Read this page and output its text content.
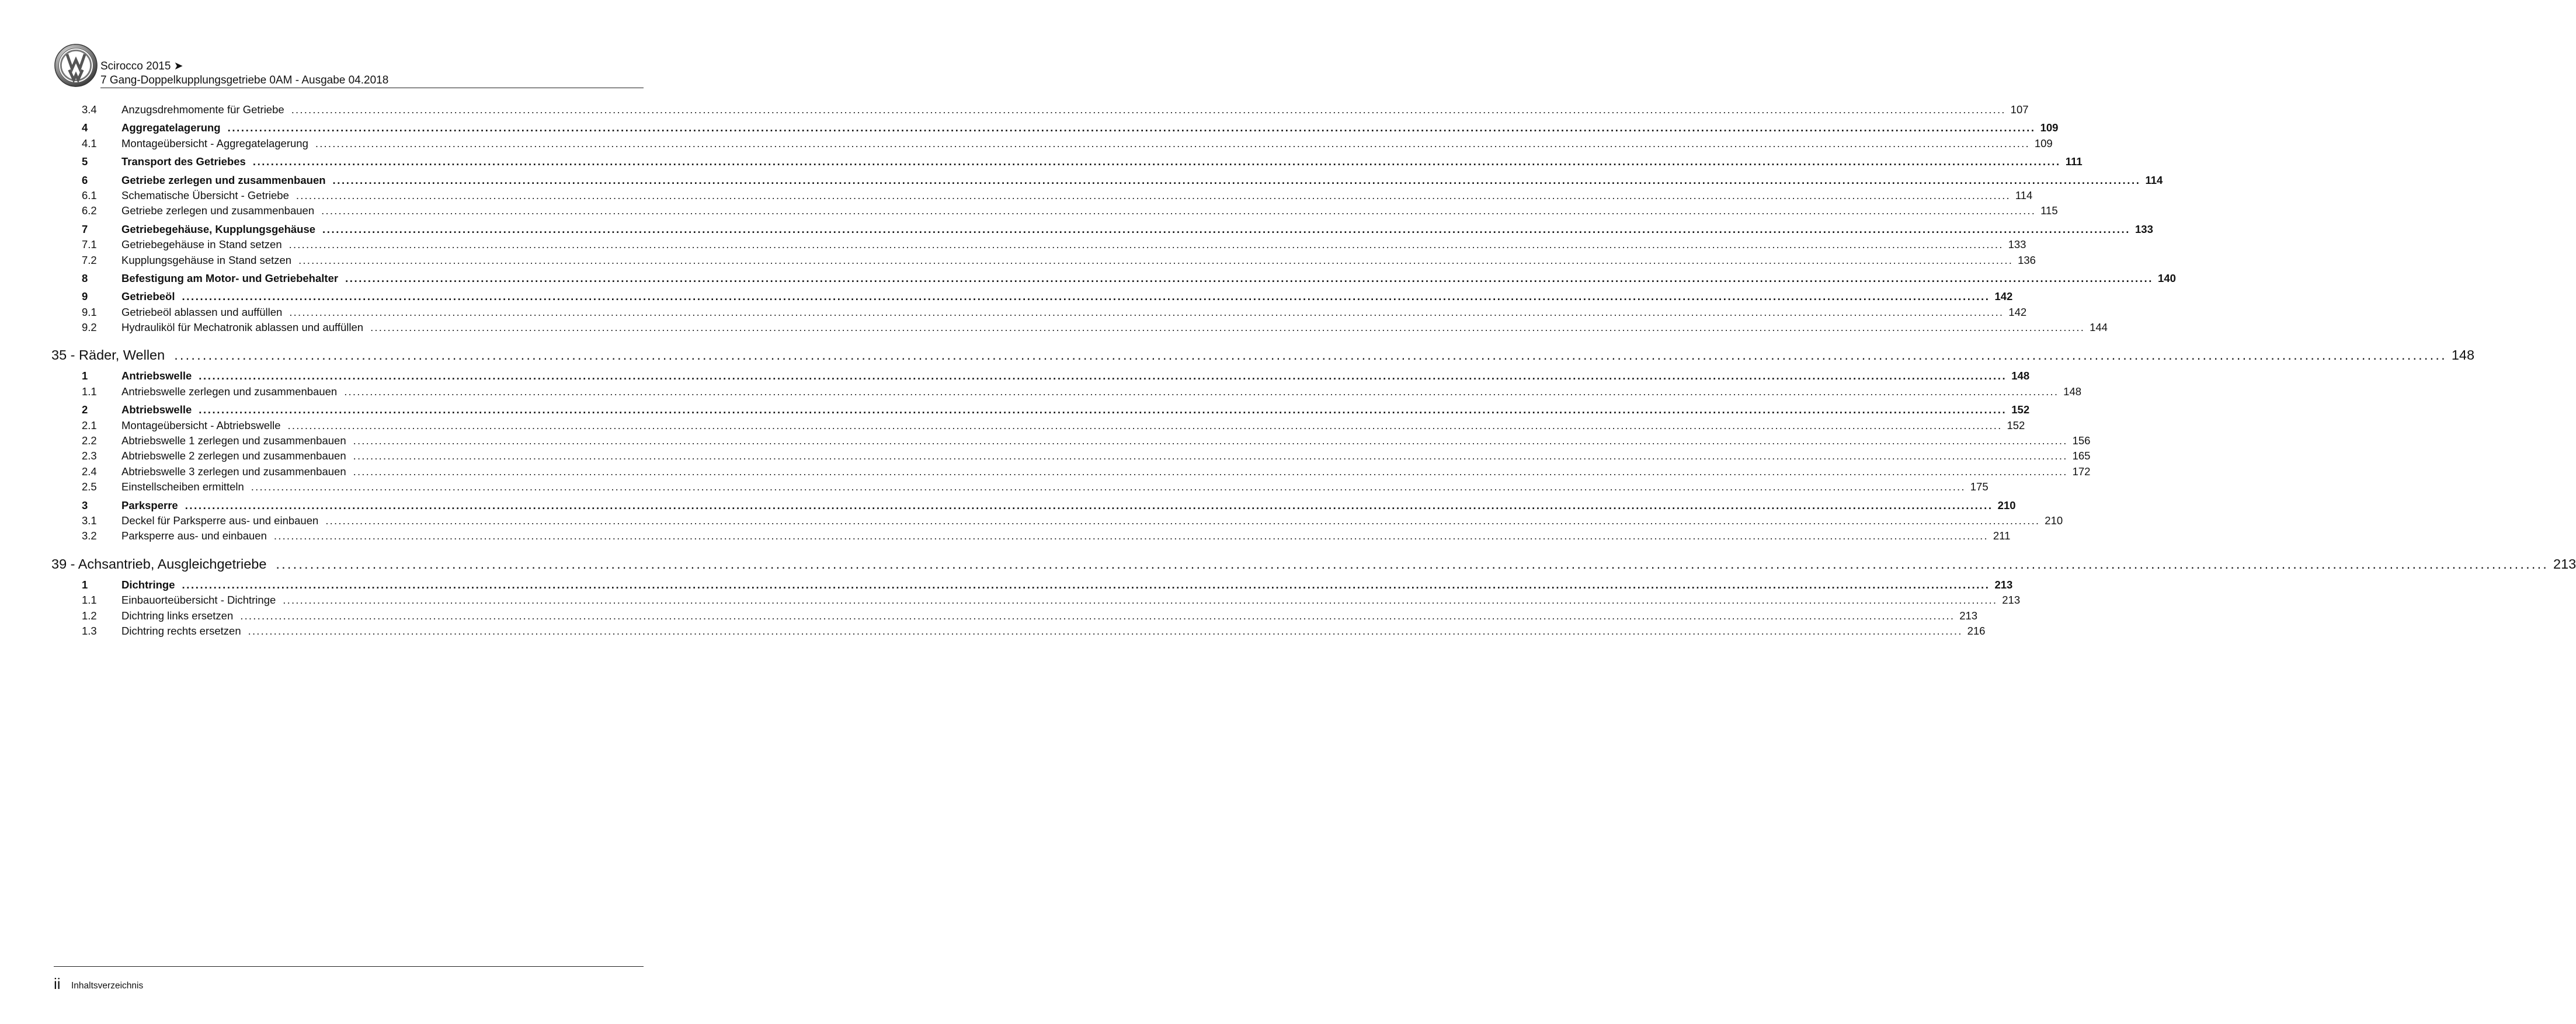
Scirocco 2015 ➤
7 Gang-Doppelkupplungsgetriebe 0AM - Ausgabe 04.2018
3.4	Anzugsdrehmomente für Getriebe ................................................................................................................................................................................................................................................................................................................................................................................................................ 107
4	Aggregatelagerung ................................................................................................................................................................................................................................................................................................................................................................................................................ 109
4.1	Montageübersicht - Aggregatelagerung ................................................................................................................................................................................................................................................................................................................................................................................................................ 109
5	Transport des Getriebes ................................................................................................................................................................................................................................................................................................................................................................................................................ 111
6	Getriebe zerlegen und zusammenbauen ................................................................................................................................................................................................................................................................................................................................................................................................................ 114
6.1	Schematische Übersicht - Getriebe ................................................................................................................................................................................................................................................................................................................................................................................................................ 114
6.2	Getriebe zerlegen und zusammenbauen ................................................................................................................................................................................................................................................................................................................................................................................................................ 115
7	Getriebegehäuse, Kupplungsgehäuse ................................................................................................................................................................................................................................................................................................................................................................................................................ 133
7.1	Getriebegehäuse in Stand setzen ................................................................................................................................................................................................................................................................................................................................................................................................................ 133
7.2	Kupplungsgehäuse in Stand setzen ................................................................................................................................................................................................................................................................................................................................................................................................................ 136
8	Befestigung am Motor- und Getriebehalter ................................................................................................................................................................................................................................................................................................................................................................................................................ 140
9	Getriebeöl ................................................................................................................................................................................................................................................................................................................................................................................................................ 142
9.1	Getriebeöl ablassen und auffüllen ................................................................................................................................................................................................................................................................................................................................................................................................................ 142
9.2	Hydrauliköl für Mechatronik ablassen und auffüllen ................................................................................................................................................................................................................................................................................................................................................................................................................ 144
35 - Räder, Wellen ................................................................................................................................................................................................................................................................................................................................................................................................................ 148
1	Antriebswelle ................................................................................................................................................................................................................................................................................................................................................................................................................ 148
1.1	Antriebswelle zerlegen und zusammenbauen ................................................................................................................................................................................................................................................................................................................................................................................................................ 148
2	Abtriebswelle ................................................................................................................................................................................................................................................................................................................................................................................................................ 152
2.1	Montageübersicht - Abtriebswelle ................................................................................................................................................................................................................................................................................................................................................................................................................ 152
2.2	Abtriebswelle 1 zerlegen und zusammenbauen ................................................................................................................................................................................................................................................................................................................................................................................................................ 156
2.3	Abtriebswelle 2 zerlegen und zusammenbauen ................................................................................................................................................................................................................................................................................................................................................................................................................ 165
2.4	Abtriebswelle 3 zerlegen und zusammenbauen ................................................................................................................................................................................................................................................................................................................................................................................................................ 172
2.5	Einstellscheiben ermitteln ................................................................................................................................................................................................................................................................................................................................................................................................................ 175
3	Parksperre ................................................................................................................................................................................................................................................................................................................................................................................................................ 210
3.1	Deckel für Parksperre aus- und einbauen ................................................................................................................................................................................................................................................................................................................................................................................................................ 210
3.2	Parksperre aus- und einbauen ................................................................................................................................................................................................................................................................................................................................................................................................................ 211
39 - Achsantrieb, Ausgleichgetriebe ................................................................................................................................................................................................................................................................................................................................................................................................................ 213
1	Dichtringe ................................................................................................................................................................................................................................................................................................................................................................................................................ 213
1.1	Einbauorteübersicht - Dichtringe ................................................................................................................................................................................................................................................................................................................................................................................................................ 213
1.2	Dichtring links ersetzen ................................................................................................................................................................................................................................................................................................................................................................................................................ 213
1.3	Dichtring rechts ersetzen ................................................................................................................................................................................................................................................................................................................................................................................................................ 216
ii Inhaltsverzeichnis
